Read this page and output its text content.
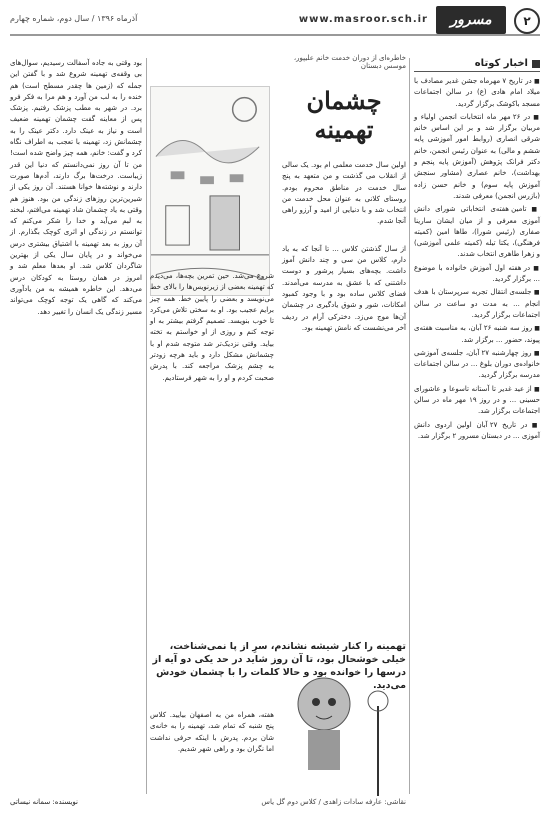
۲
مسرور
www.masroor.sch.ir
آذرماه ۱۳۹۶ / سال دوم، شماره چهارم
اخبار کوتاه

■ در تاریخ ۷ مهرماه جشن غدیر مصادف با میلاد امام هادی (ع) در سالن اجتماعات مسجد باکوشک برگزار گردید.

■ در ۲۶ مهر ماه انتخابات انجمن اولیاء و مربیان برگزار شد و بر این اساس خانم شرقی انصاری (روابط امور آموزشی پایه ششم و مالی) به عنوان رئیس انجمن، خانم دکتر فرانک پژوهش (آموزش پایه پنجم و بهداشت)، خانم عصاری (مشاور سنجش آموزش پایه سوم) و خانم حسن زاده (بازرس انجمن) معرفی شدند.

■ تامین هفته‌ی انتخاباتی شورای دانش آموزی معرفی و از میان ایشان سارینا صفاری (رئیس شورا)، طاها امین (کمیته فرهنگی)، یکتا تیله (کمیته علمی آموزشی) و زهرا طاهری انتخاب شدند.

■ در هفته اول آموزش خانواده با موضوع ... برگزار گردید.

■ جلسه‌ی انتقال تجربه سرپرستان با هدف انجام ... به مدت دو ساعت در سالن اجتماعات برگزار گردید.

■ روز سه شنبه ۲۶ آبان، به مناسبت هفته‌ی پیوند، حضور ... برگزار شد.

■ روز چهارشنبه ۲۷ آبان، جلسه‌ی آموزشی خانواده‌ی دوران بلوغ ... در سالن اجتماعات مدرسه برگزار گردید.

■ از عید غدیر تا آستانه تاسوعا و عاشورای حسینی ... و در روز ۱۹ مهر ماه در سالن اجتماعات برگزار شد.

■ در تاریخ ۲۷ آبان اولین اردوی دانش آموزی ... در دبستان مسرور ۲ برگزار شد.

خاطره‌ای از دوران خدمت خانم علیپور، موسس دبستان
چشمان تهمینه
اولین سال خدمت معلمی ام بود. یک سالی از انقلاب می گذشت و من متعهد به پنج سال خدمت در مناطق محروم بودم. روستای کلانی به عنوان محل خدمت من انتخاب شد و با دنیایی از امید و آرزو راهی آنجا شدم.
از سال گذشتن کلاس ... تا آنجا که به یاد دارم، کلاس من سی و چند دانش آموز داشت. بچه‌های بسیار پرشور و دوست داشتنی که با عشق به مدرسه می‌آمدند. فضای کلاس ساده بود و با وجود کمبود امکانات، شور و شوق یادگیری در چشمان آن‌ها موج می‌زد. دخترکی آرام در ردیف آخر می‌نشست که نامش تهمینه بود.
شروع می‌شد. حین تمرین بچه‌ها، می‌دیدم که تهمینه بعضی از زیرنویس‌ها را بالای خط می‌نویسد و بعضی را پایین خط. همه چیز برایم عجیب بود. او به سختی تلاش می‌کرد تا خوب بنویسد. تصمیم گرفتم بیشتر به او توجه کنم و روزی از او خواستم به تخته بیاید. وقتی نزدیک‌تر شد متوجه شدم او با چشمانش مشکل دارد و باید هرچه زودتر به چشم پزشک مراجعه کند. با پدرش صحبت کردم و او را به شهر فرستادیم.
تهمینه را کنار شیشه نشاندم، سرِ از پا نمی‌شناخت، خیلی خوشحال بود، تا آن روز شاید در حد یکی دو آیه از درسها را خوانده بود و حالا کلمات را با چشمان خودش می‌دید.
هفته، همراه من به اصفهان بیایید. کلاس پنج شنبه که تمام شد، تهمینه را به خانه‌ی شان بردم. پدرش با اینکه حرفی نداشت اما نگران بود و راهی شهر شدیم.
نقاشی: عارفه سادات زاهدی / کلاس دوم گل یاس

بود وقتی به جاده آسفالت رسیدیم، سوال‌های بی وقفه‌ی تهمینه شروع شد و با گفتن این جمله که (زمین ها چقدر مسطح است) هم خنده را به لب من آورد و هم مرا به فکر فرو برد. در شهر به مطب پزشک رفتیم. پزشک پس از معاینه گفت چشمان تهمینه ضعیف است و نیاز به عینک دارد. دکتر عینک را به چشمانش زد، تهمینه با تعجب به اطراف نگاه کرد و گفت: خانم، همه چیز واضح شده است! من تا آن روز نمی‌دانستم که دنیا این قدر زیباست. درخت‌ها برگ دارند، آدم‌ها صورت دارند و نوشته‌ها خوانا هستند. آن روز یکی از شیرین‌ترین روزهای زندگی من بود. هنوز هم وقتی به یاد چشمان شاد تهمینه می‌افتم، لبخند به لبم می‌آید و خدا را شکر می‌کنم که توانستم در زندگی او اثری کوچک بگذارم. از آن روز به بعد تهمینه با اشتیاق بیشتری درس می‌خواند و در پایان سال یکی از بهترین شاگردان کلاس شد. او بعدها معلم شد و امروز در همان روستا به کودکان درس می‌دهد. این خاطره همیشه به من یادآوری می‌کند که گاهی یک توجه کوچک می‌تواند مسیر زندگی یک انسان را تغییر دهد.

نویسنده: سمانه نیساتی
